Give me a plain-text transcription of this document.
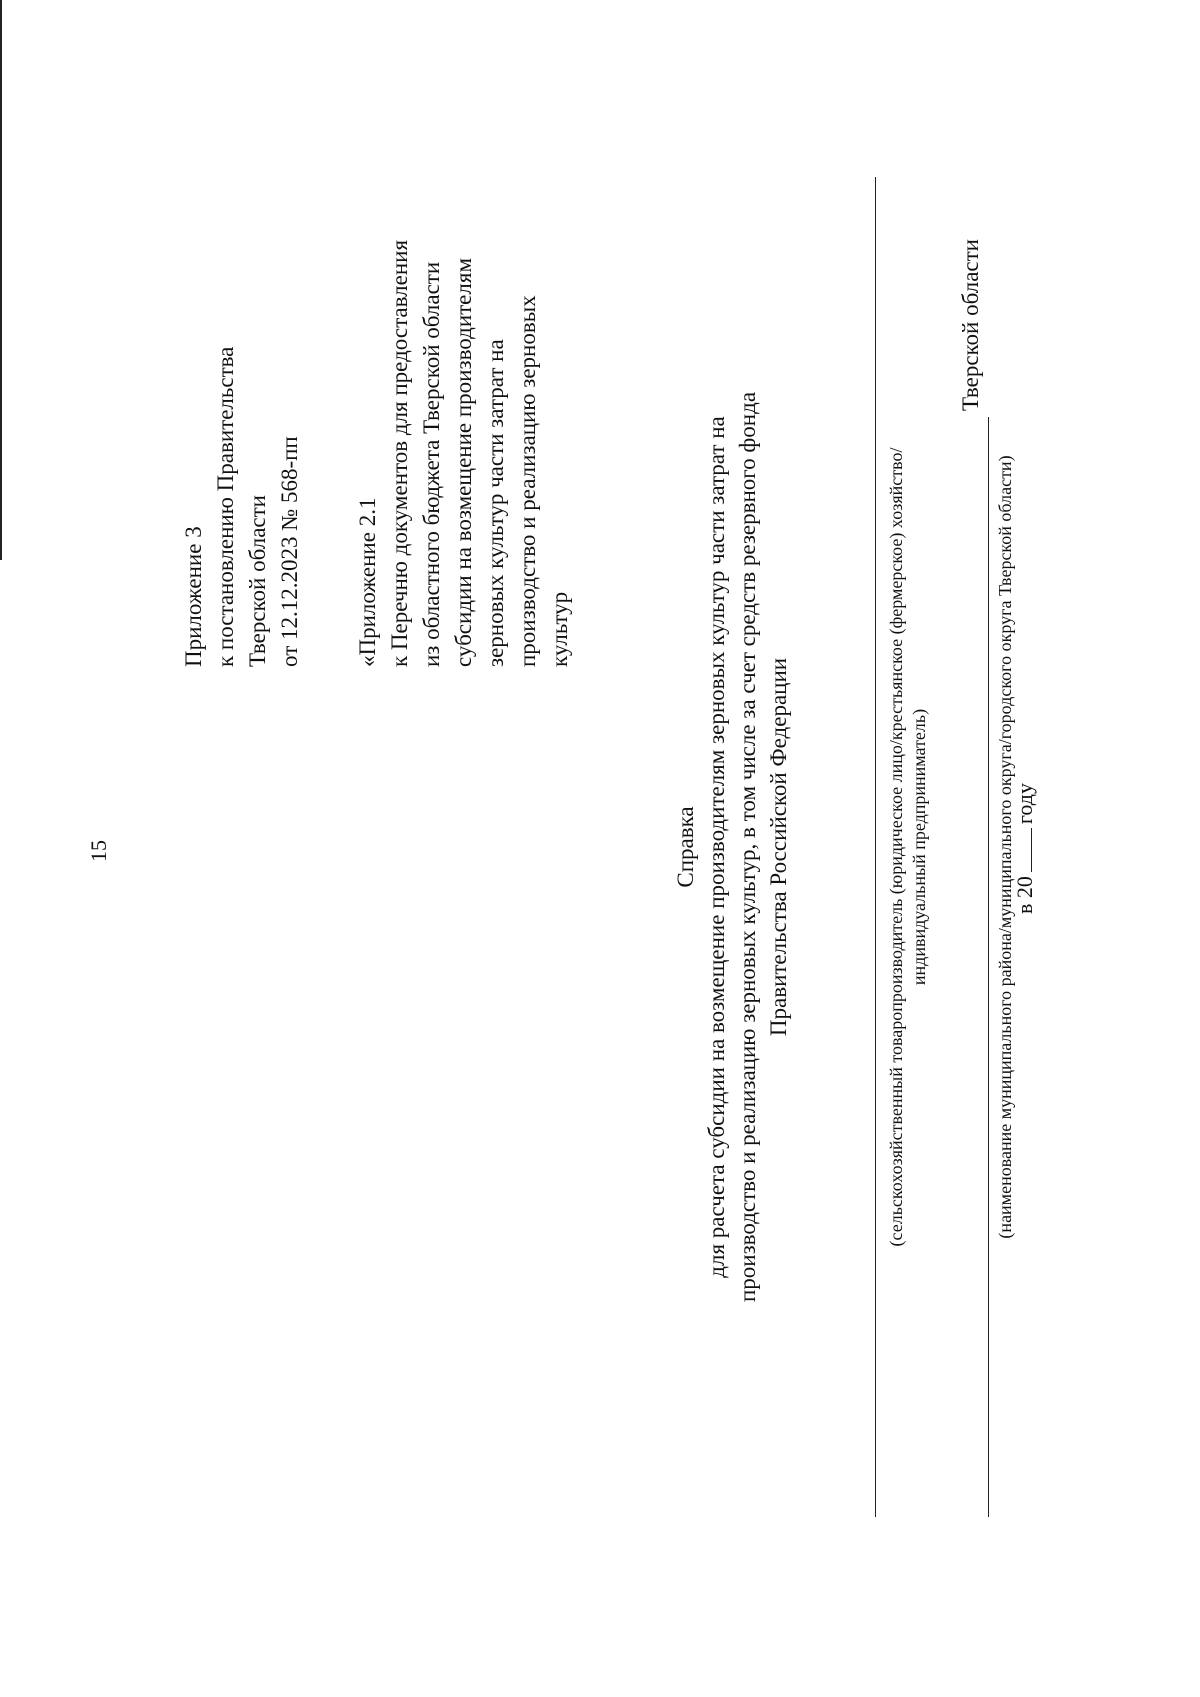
15
Приложение 3 к постановлению Правительства Тверской области от 12.12.2023 № 568-пп «Приложение 2.1 к Перечню документов для предоставления из областного бюджета Тверской области субсидии на возмещение производителям зерновых культур части затрат на производство и реализацию зерновых культур
Справка для расчета субсидии на возмещение производителям зерновых культур части затрат на производство и реализацию зерновых культур, в том числе за счет средств резервного фонда Правительства Российской Федерации	(сельскохозяйственный товаропроизводитель (юридическое лицо/крестьянское (фермерское) хозяйство/ индивидуальный предприниматель)
Тверской области
(наименование муниципального района/муниципального округа/городского округа Тверской области)
в 20году
